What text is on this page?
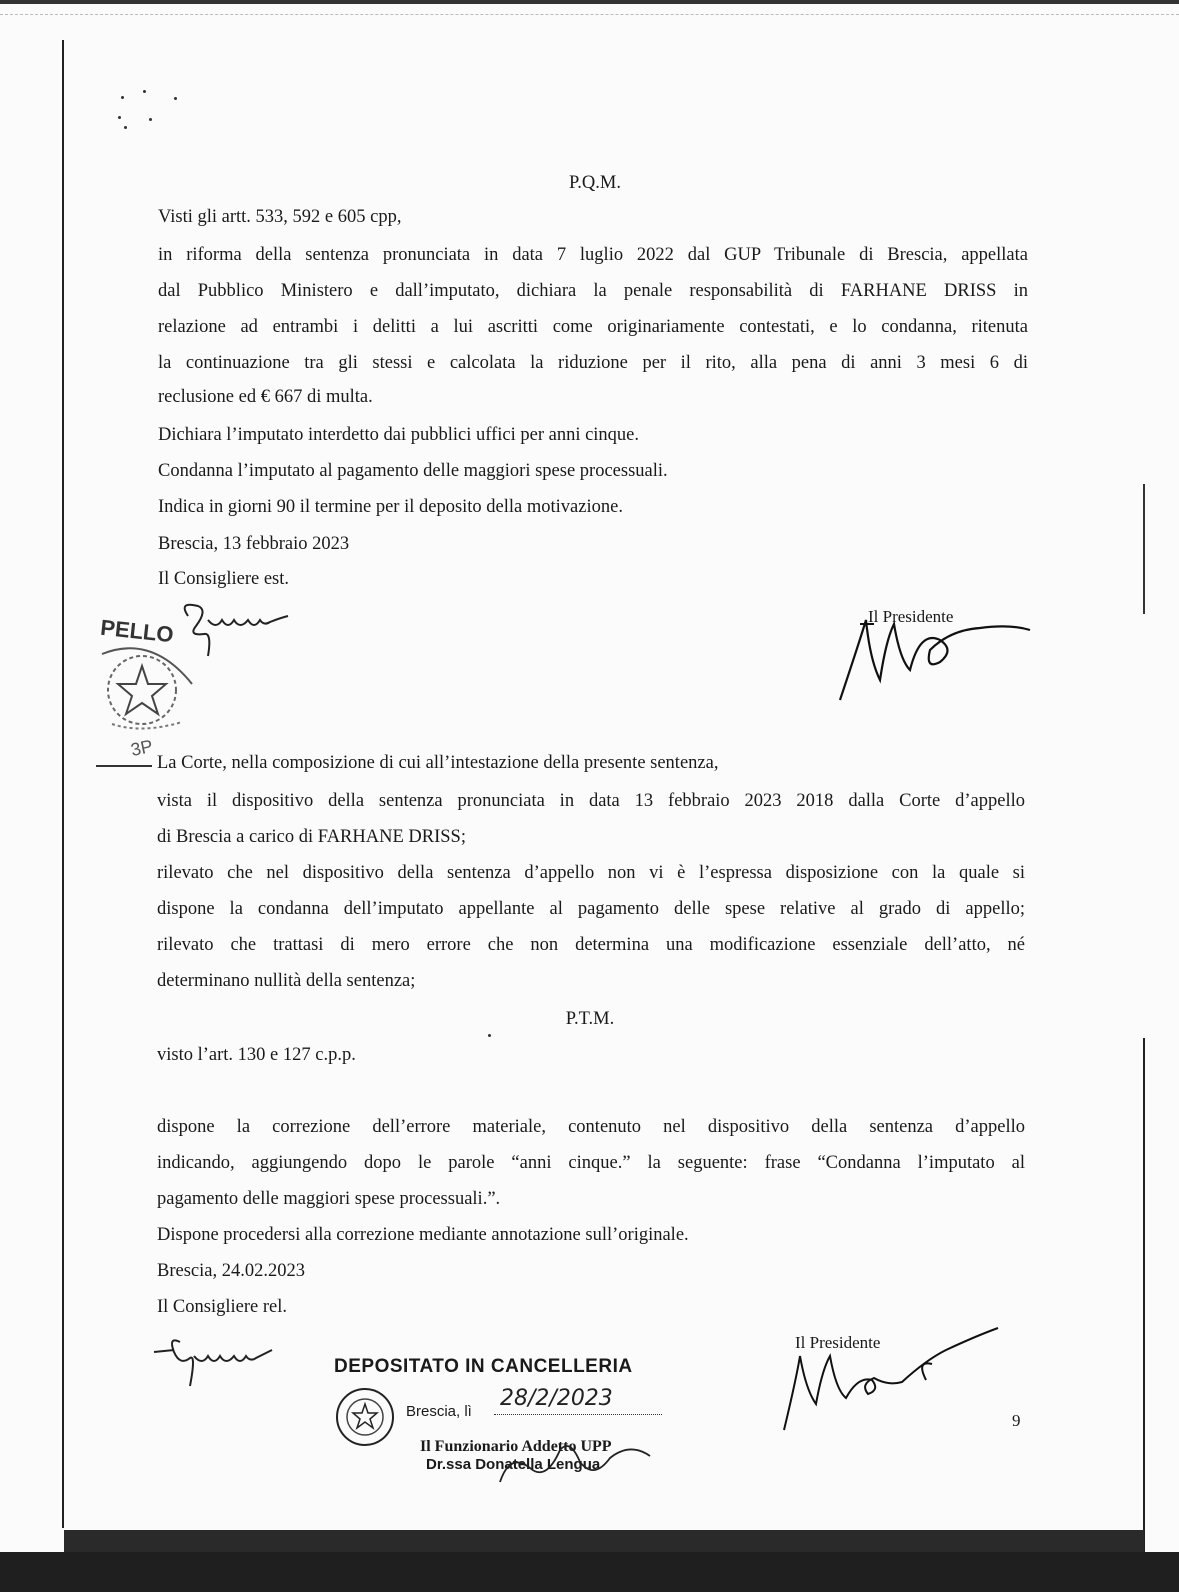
P.Q.M.
Visti gli artt. 533, 592 e 605 cpp,
in riforma della sentenza pronunciata in data 7 luglio 2022 dal GUP Tribunale di Brescia, appellata
dal Pubblico Ministero e dall’imputato, dichiara la penale responsabilità di FARHANE DRISS in
relazione ad entrambi i delitti a lui ascritti come originariamente contestati, e lo condanna, ritenuta
la continuazione tra gli stessi e calcolata la riduzione per il rito, alla pena di anni 3 mesi 6 di
reclusione ed € 667 di multa.
Dichiara l’imputato interdetto dai pubblici uffici per anni cinque.
Condanna l’imputato al pagamento delle maggiori spese processuali.
Indica in giorni 90 il termine per il deposito della motivazione.
Brescia, 13 febbraio 2023
Il Consigliere est.
Il Presidente
PELLO
3P
La Corte, nella composizione di cui all’intestazione della presente sentenza,
vista il dispositivo della sentenza pronunciata in data 13 febbraio 2023 2018 dalla Corte d’appello
di Brescia a carico di FARHANE DRISS;
rilevato che nel dispositivo della sentenza d’appello non vi è l’espressa disposizione con la quale si
dispone la condanna dell’imputato appellante al pagamento delle spese relative al grado di appello;
rilevato che trattasi di mero errore che non determina una modificazione essenziale dell’atto, né
determinano nullità della sentenza;
P.T.M.
visto l’art. 130 e 127 c.p.p.
dispone la correzione dell’errore materiale, contenuto nel dispositivo della sentenza d’appello
indicando, aggiungendo dopo le parole “anni cinque.” la seguente: frase “Condanna l’imputato al
pagamento delle maggiori spese processuali.”.
Dispone procedersi alla correzione mediante annotazione sull’originale.
Brescia, 24.02.2023
Il Consigliere rel.
Il Presidente
DEPOSITATO IN CANCELLERIA
Brescia, lì
28/2/2023
Il Funzionario Addetto UPP
Dr.ssa Donatella Lengua
9
